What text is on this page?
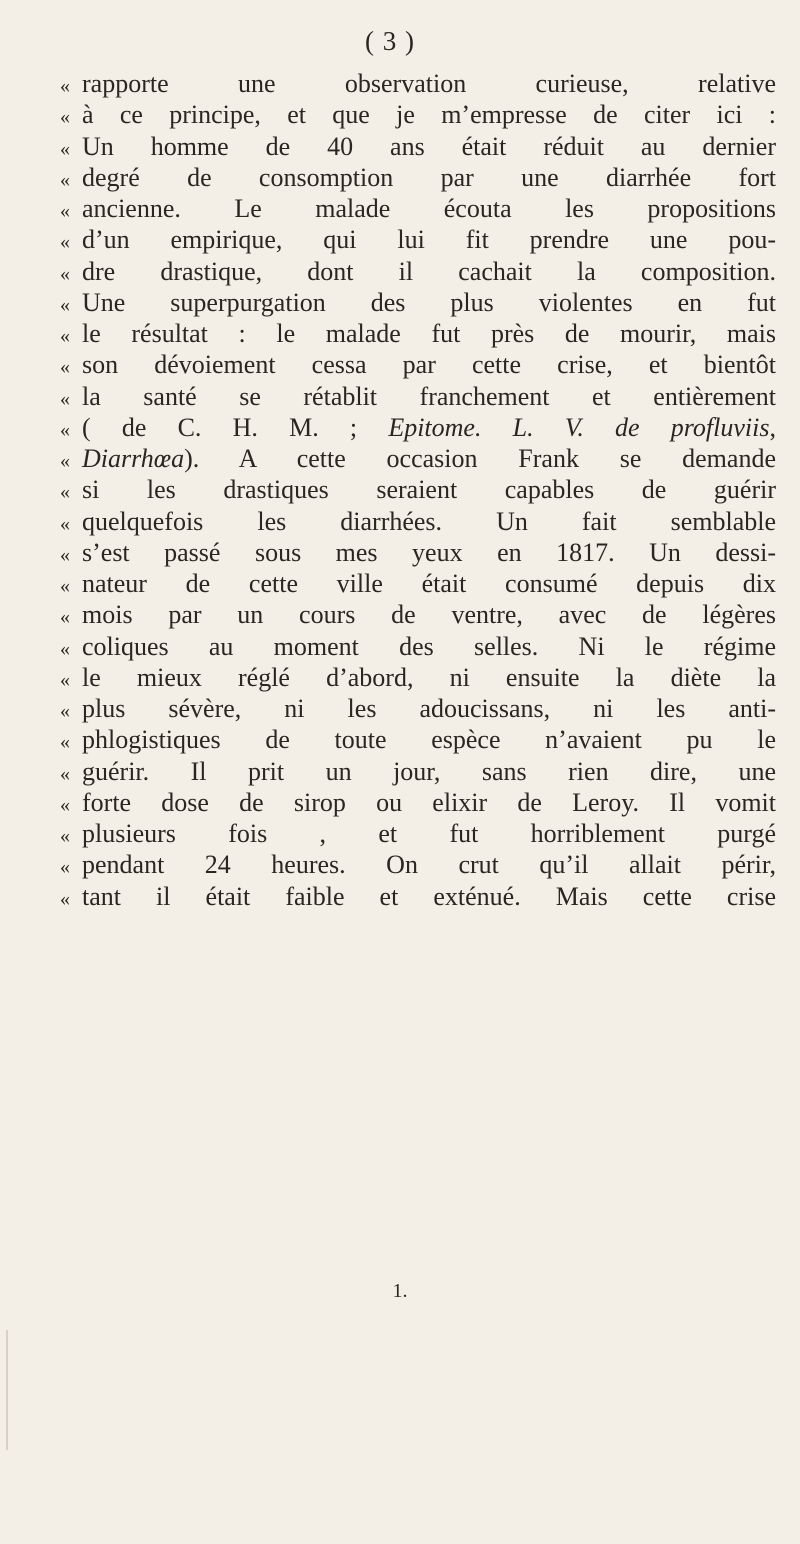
( 3 )
« rapporte une observation curieuse, relative
« à ce principe, et que je m’empresse de citer ici :
« Un homme de 40 ans était réduit au dernier
« degré de consomption par une diarrhée fort
« ancienne. Le malade écouta les propositions
« d’un empirique, qui lui fit prendre une pou-
« dre drastique, dont il cachait la composition.
« Une superpurgation des plus violentes en fut
« le résultat : le malade fut près de mourir, mais
« son dévoiement cessa par cette crise, et bientôt
« la santé se rétablit franchement et entièrement
« ( de C. H. M. ; Epitome. L. V. de profluviis,
« Diarrhœa). A cette occasion Frank se demande
« si les drastiques seraient capables de guérir
« quelquefois les diarrhées. Un fait semblable
« s’est passé sous mes yeux en 1817. Un dessi-
« nateur de cette ville était consumé depuis dix
« mois par un cours de ventre, avec de légères
« coliques au moment des selles. Ni le régime
« le mieux réglé d’abord, ni ensuite la diète la
« plus sévère, ni les adoucissans, ni les anti-
« phlogistiques de toute espèce n’avaient pu le
« guérir. Il prit un jour, sans rien dire, une
« forte dose de sirop ou elixir de Leroy. Il vomit
« plusieurs fois , et fut horriblement purgé
« pendant 24 heures. On crut qu’il allait périr,
« tant il était faible et exténué. Mais cette crise
1.
